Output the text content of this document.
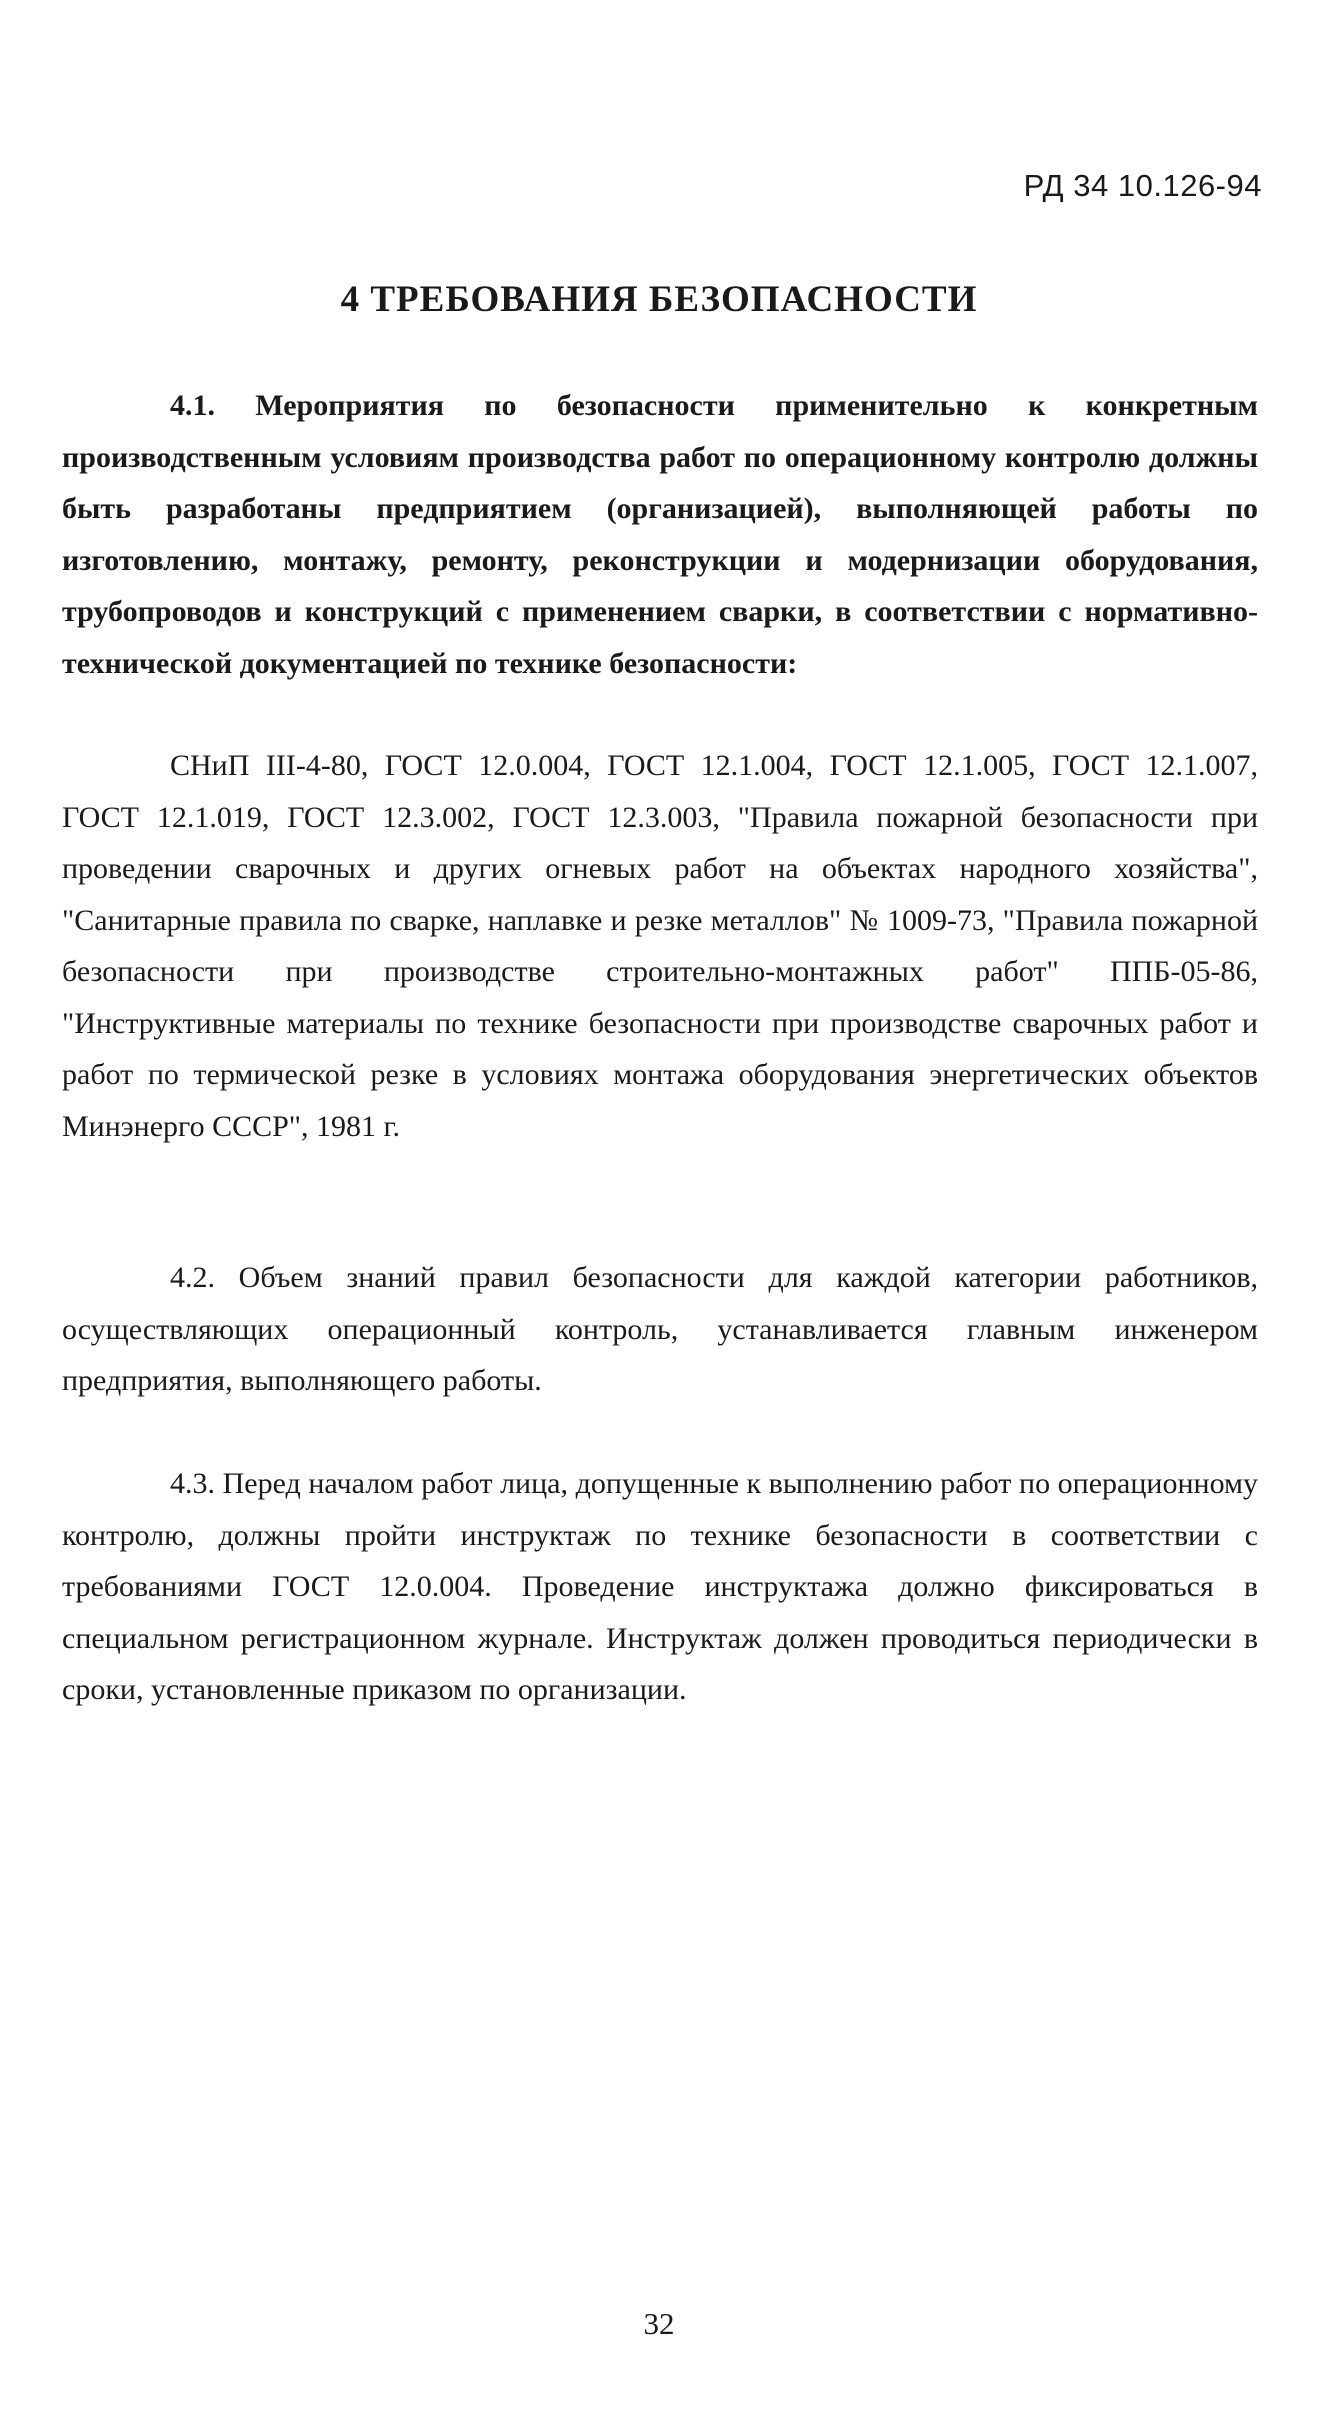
РД 34 10.126-94
4 ТРЕБОВАНИЯ БЕЗОПАСНОСТИ

4.1. Мероприятия по безопасности применительно к конкретным производственным условиям производства работ по операционному контролю должны быть разработаны предприятием (организацией), выполняющей работы по изготовлению, монтажу, ремонту, реконструкции и модернизации оборудования, трубопроводов и конструкций с применением сварки, в соответствии с нормативно-технической документацией по технике безопасности:

СНиП III-4-80, ГОСТ 12.0.004, ГОСТ 12.1.004, ГОСТ 12.1.005, ГОСТ 12.1.007, ГОСТ 12.1.019, ГОСТ 12.3.002, ГОСТ 12.3.003, "Правила пожарной безопасности при проведении сварочных и других огневых работ на объектах народного хозяйства", "Санитарные правила по сварке, наплавке и резке металлов" № 1009-73, "Правила пожарной безопасности при производстве строительно-монтажных работ" ППБ-05-86, "Инструктивные материалы по технике безопасности при производстве сварочных работ и работ по термической резке в условиях монтажа оборудования энергетических объектов Минэнерго СССР", 1981 г.

4.2. Объем знаний правил безопасности для каждой категории работников, осуществляющих операционный контроль, устанавливается главным инженером предприятия, выполняющего работы.

4.3. Перед началом работ лица, допущенные к выполнению работ по операционному контролю, должны пройти инструктаж по технике безопасности в соответствии с требованиями ГОСТ 12.0.004. Проведение инструктажа должно фиксироваться в специальном регистрационном журнале. Инструктаж должен проводиться периодически в сроки, установленные приказом по организации.

32
